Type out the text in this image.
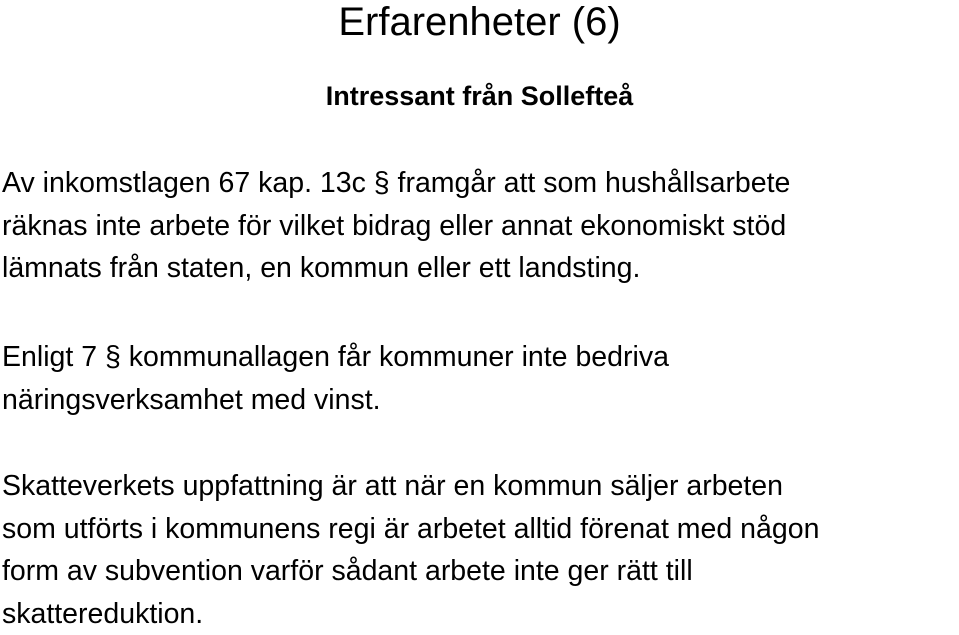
Erfarenheter (6)
Intressant från Sollefteå

Av inkomstlagen 67 kap. 13c § framgår att som hushållsarbete
räknas inte arbete för vilket bidrag eller annat ekonomiskt stöd
lämnats från staten, en kommun eller ett landsting.

Enligt 7 § kommunallagen får kommuner inte bedriva
näringsverksamhet med vinst.

Skatteverkets uppfattning är att när en kommun säljer arbeten
som utförts i kommunens regi är arbetet alltid förenat med någon
form av subvention varför sådant arbete inte ger rätt till
skattereduktion.
